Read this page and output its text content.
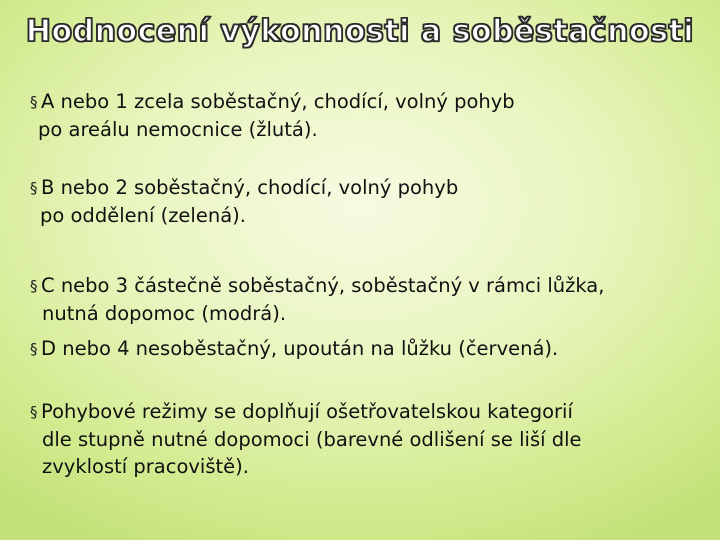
Hodnocení výkonnosti a soběstačnosti
§ A nebo 1 zcela soběstačný, chodící, volný pohyb
po areálu nemocnice (žlutá).
§ B nebo 2 soběstačný, chodící, volný pohyb
po oddělení (zelená).
§ C nebo 3 částečně soběstačný, soběstačný v rámci lůžka,
nutná dopomoc (modrá).
§ D nebo 4 nesoběstačný, upoután na lůžku (červená).
§ Pohybové režimy se doplňují ošetřovatelskou kategorií
dle stupně nutné dopomoci (barevné odlišení se liší dle
zvyklostí pracoviště).
